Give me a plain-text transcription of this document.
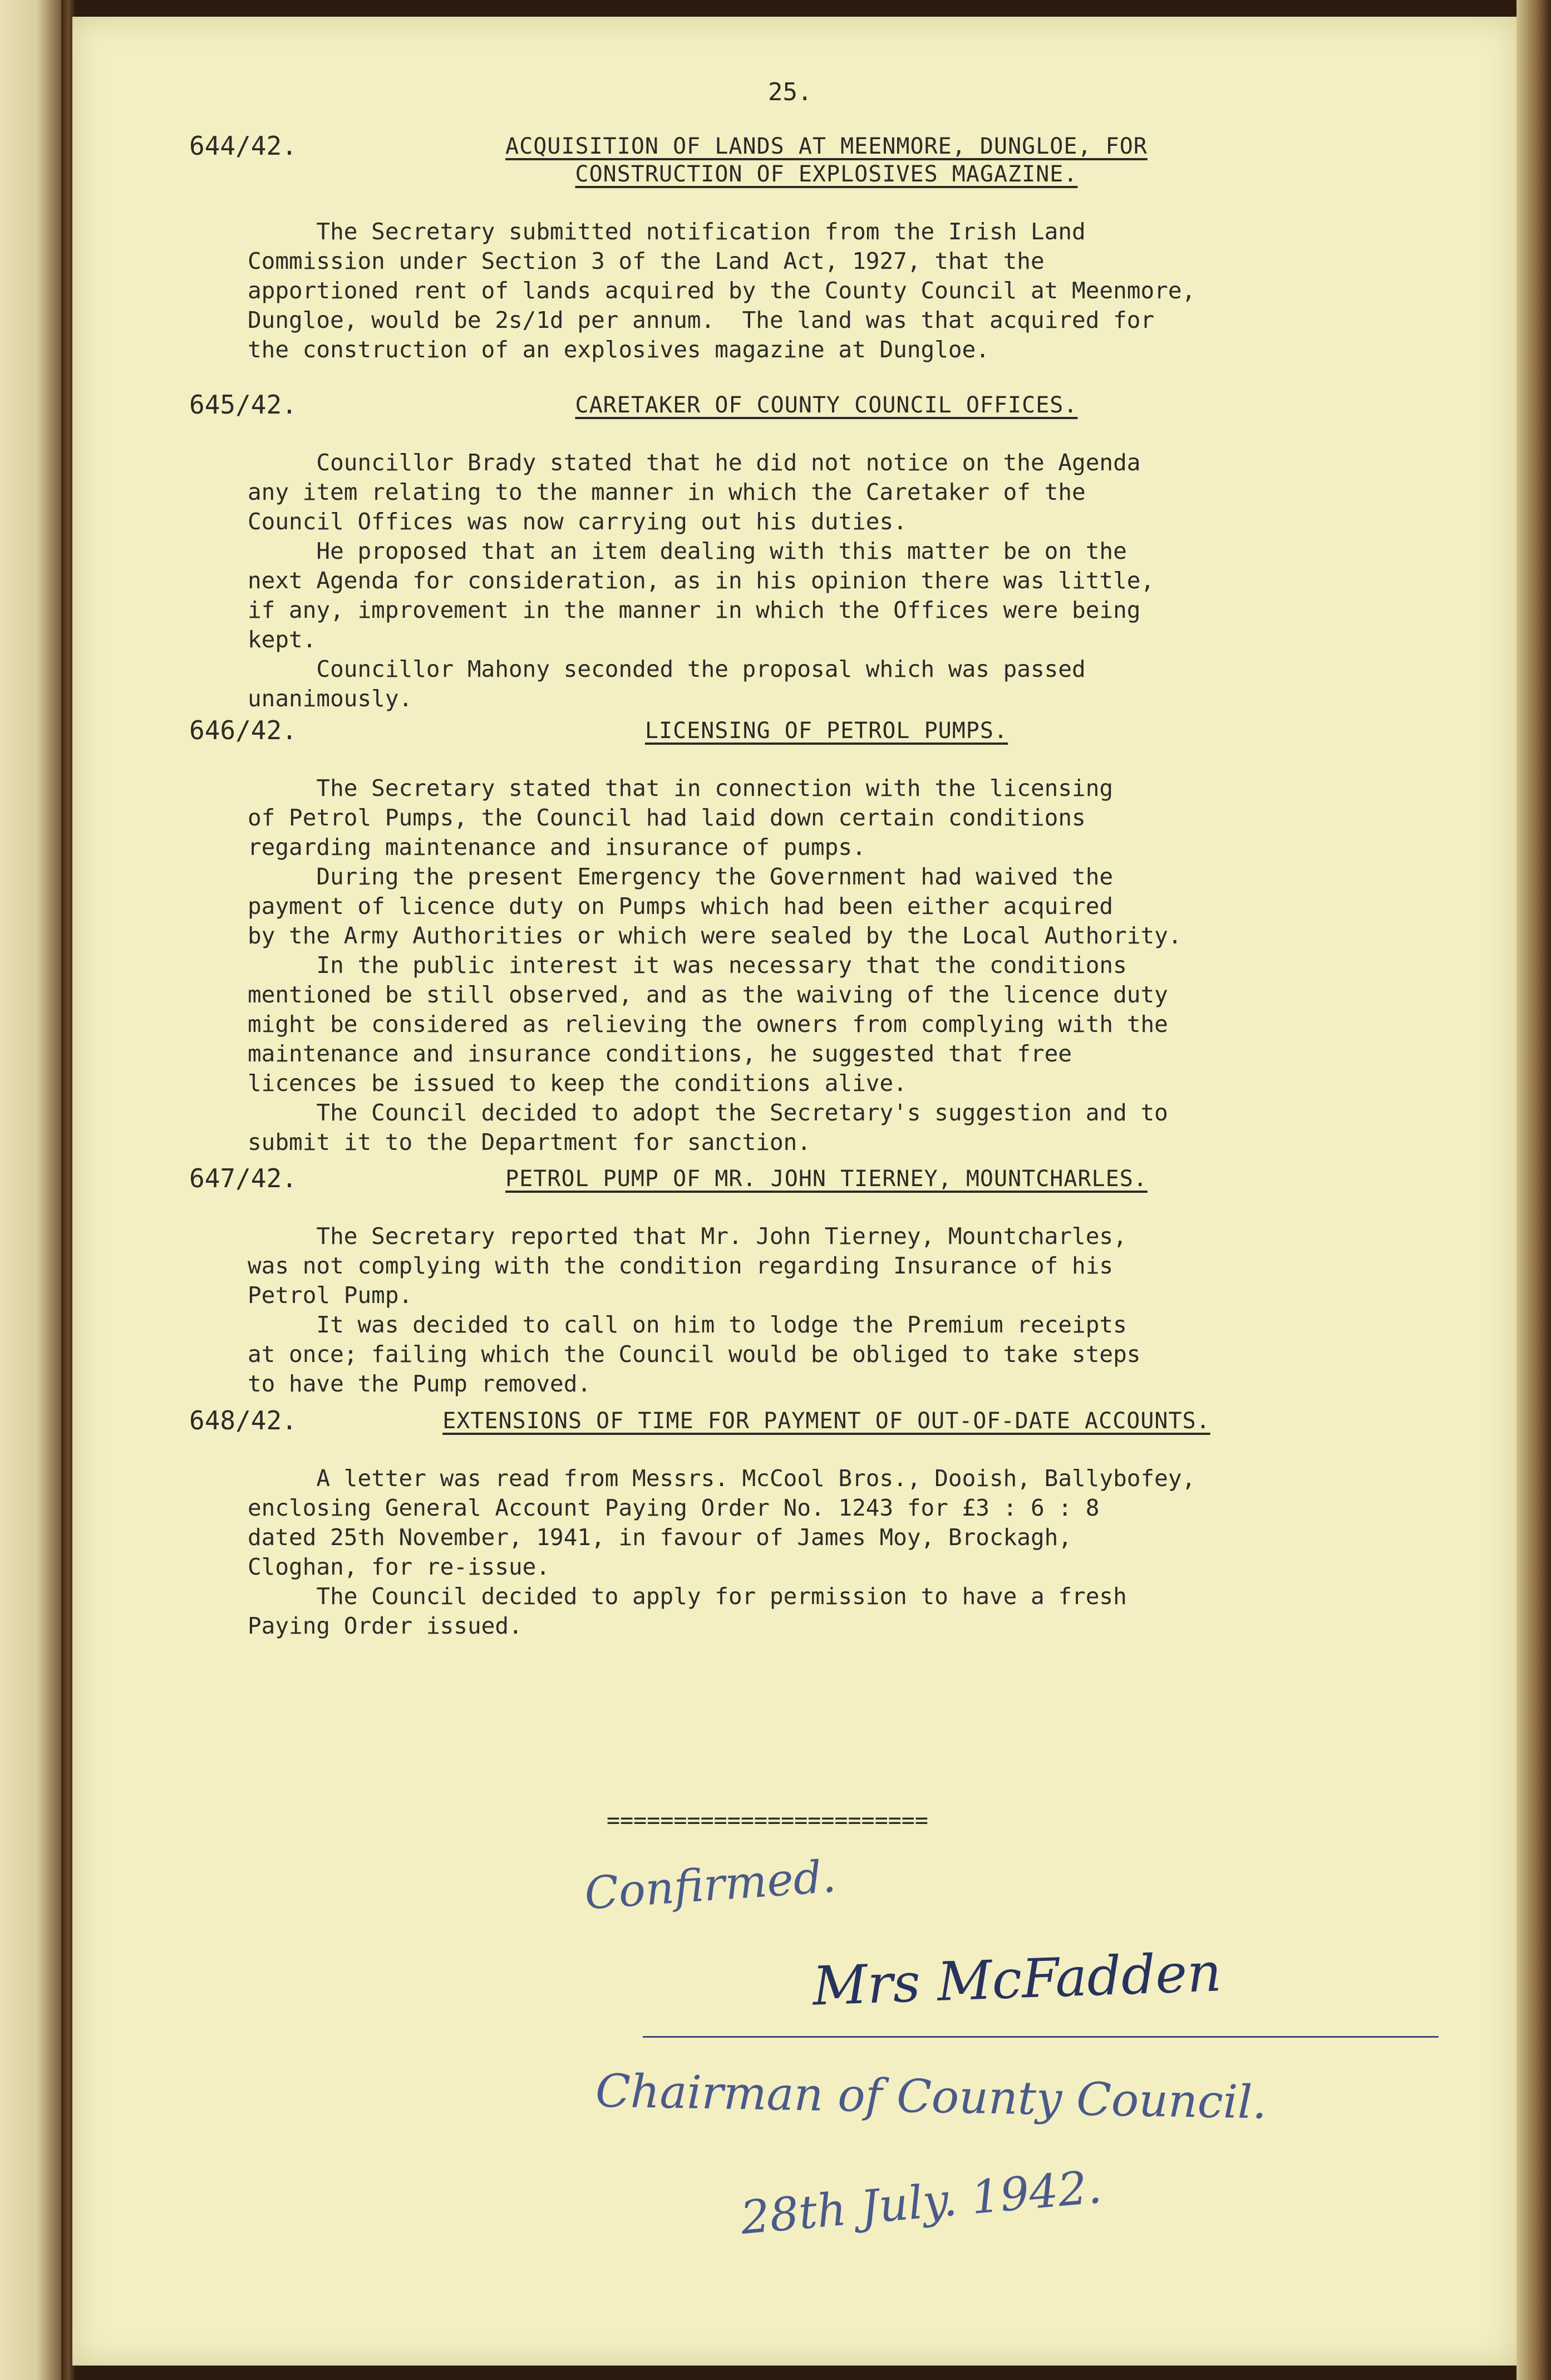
25.
644/42.	ACQUISITION OF LANDS AT MEENMORE, DUNGLOE, FOR
CONSTRUCTION OF EXPLOSIVES MAGAZINE.
The Secretary submitted notification from the Irish Land
Commission under Section 3 of the Land Act, 1927, that the
apportioned rent of lands acquired by the County Council at Meenmore,
Dungloe, would be 2s/1d per annum.  The land was that acquired for
the construction of an explosives magazine at Dungloe.
645/42.	CARETAKER OF COUNTY COUNCIL OFFICES.
Councillor Brady stated that he did not notice on the Agenda
any item relating to the manner in which the Caretaker of the
Council Offices was now carrying out his duties.
He proposed that an item dealing with this matter be on the
next Agenda for consideration, as in his opinion there was little,
if any, improvement in the manner in which the Offices were being
kept.
Councillor Mahony seconded the proposal which was passed
unanimously.
646/42.	LICENSING OF PETROL PUMPS.
The Secretary stated that in connection with the licensing
of Petrol Pumps, the Council had laid down certain conditions
regarding maintenance and insurance of pumps.
During the present Emergency the Government had waived the
payment of licence duty on Pumps which had been either acquired
by the Army Authorities or which were sealed by the Local Authority.
In the public interest it was necessary that the conditions
mentioned be still observed, and as the waiving of the licence duty
might be considered as relieving the owners from complying with the
maintenance and insurance conditions, he suggested that free
licences be issued to keep the conditions alive.
The Council decided to adopt the Secretary's suggestion and to
submit it to the Department for sanction.
647/42.	PETROL PUMP OF MR. JOHN TIERNEY, MOUNTCHARLES.
The Secretary reported that Mr. John Tierney, Mountcharles,
was not complying with the condition regarding Insurance of his
Petrol Pump.
It was decided to call on him to lodge the Premium receipts
at once; failing which the Council would be obliged to take steps
to have the Pump removed.
648/42.	EXTENSIONS OF TIME FOR PAYMENT OF OUT-OF-DATE ACCOUNTS.
A letter was read from Messrs. McCool Bros., Dooish, Ballybofey,
enclosing General Account Paying Order No. 1243 for £3 : 6 : 8
dated 25th November, 1941, in favour of James Moy, Brockagh,
Cloghan, for re-issue.
The Council decided to apply for permission to have a fresh
Paying Order issued.
========================
Confirmed.
Mrs McFadden
Chairman of County Council.
28th July. 1942.
